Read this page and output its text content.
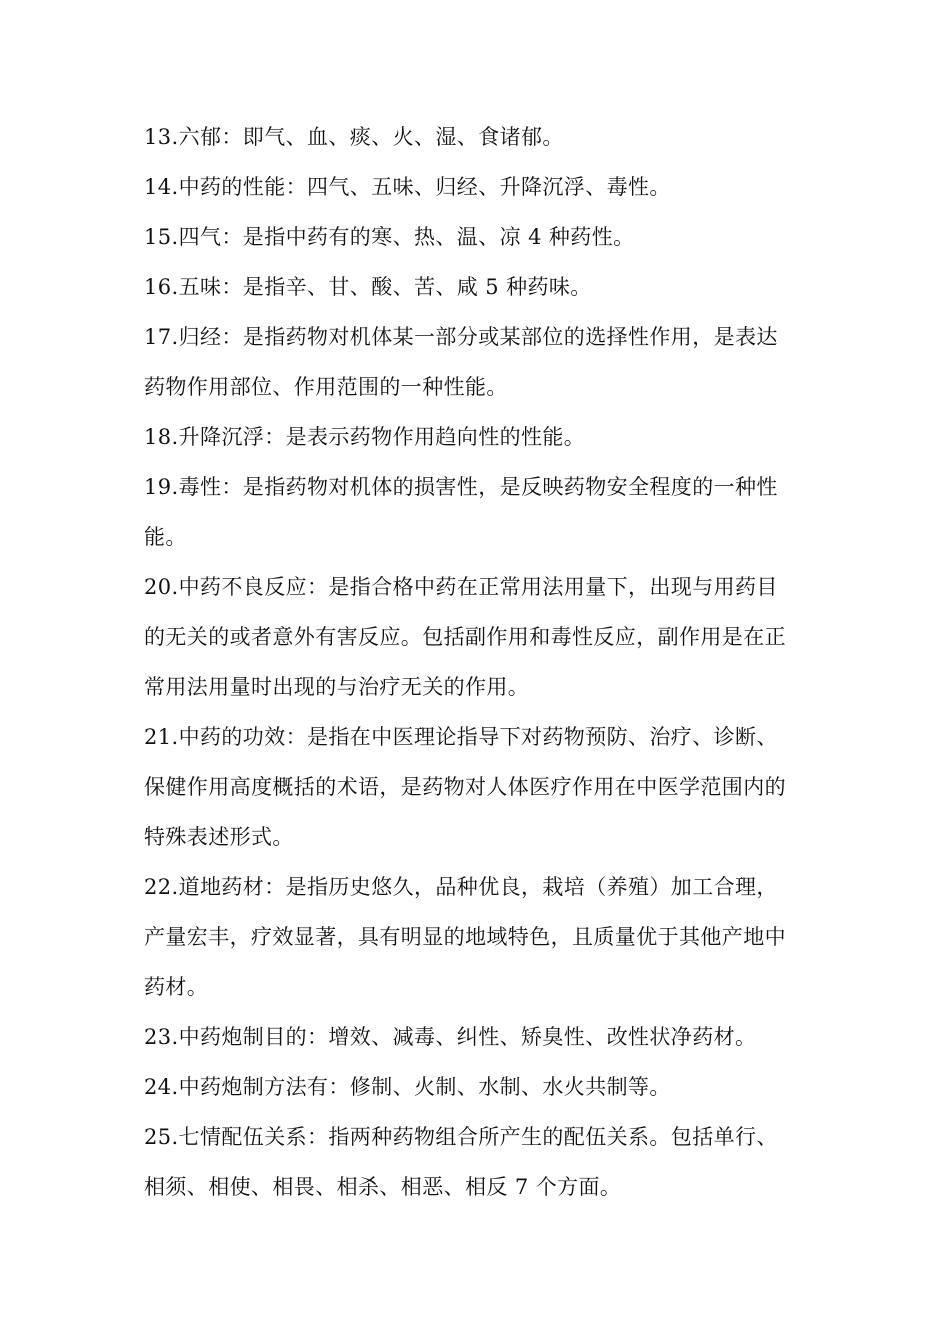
13.六郁：即气、血、痰、火、湿、食诸郁。
14.中药的性能：四气、五味、归经、升降沉浮、毒性。
15.四气：是指中药有的寒、热、温、凉 4 种药性。
16.五味：是指辛、甘、酸、苦、咸 5 种药味。
17.归经：是指药物对机体某一部分或某部位的选择性作用，是表达
药物作用部位、作用范围的一种性能。
18.升降沉浮：是表示药物作用趋向性的性能。
19.毒性：是指药物对机体的损害性，是反映药物安全程度的一种性
能。
20.中药不良反应：是指合格中药在正常用法用量下，出现与用药目
的无关的或者意外有害反应。包括副作用和毒性反应，副作用是在正
常用法用量时出现的与治疗无关的作用。
21.中药的功效：是指在中医理论指导下对药物预防、治疗、诊断、
保健作用高度概括的术语，是药物对人体医疗作用在中医学范围内的
特殊表述形式。
22.道地药材：是指历史悠久，品种优良，栽培（养殖）加工合理，
产量宏丰，疗效显著，具有明显的地域特色，且质量优于其他产地中
药材。
23.中药炮制目的：增效、减毒、纠性、矫臭性、改性状净药材。
24.中药炮制方法有：修制、火制、水制、水火共制等。
25.七情配伍关系：指两种药物组合所产生的配伍关系。包括单行、
相须、相使、相畏、相杀、相恶、相反 7 个方面。
